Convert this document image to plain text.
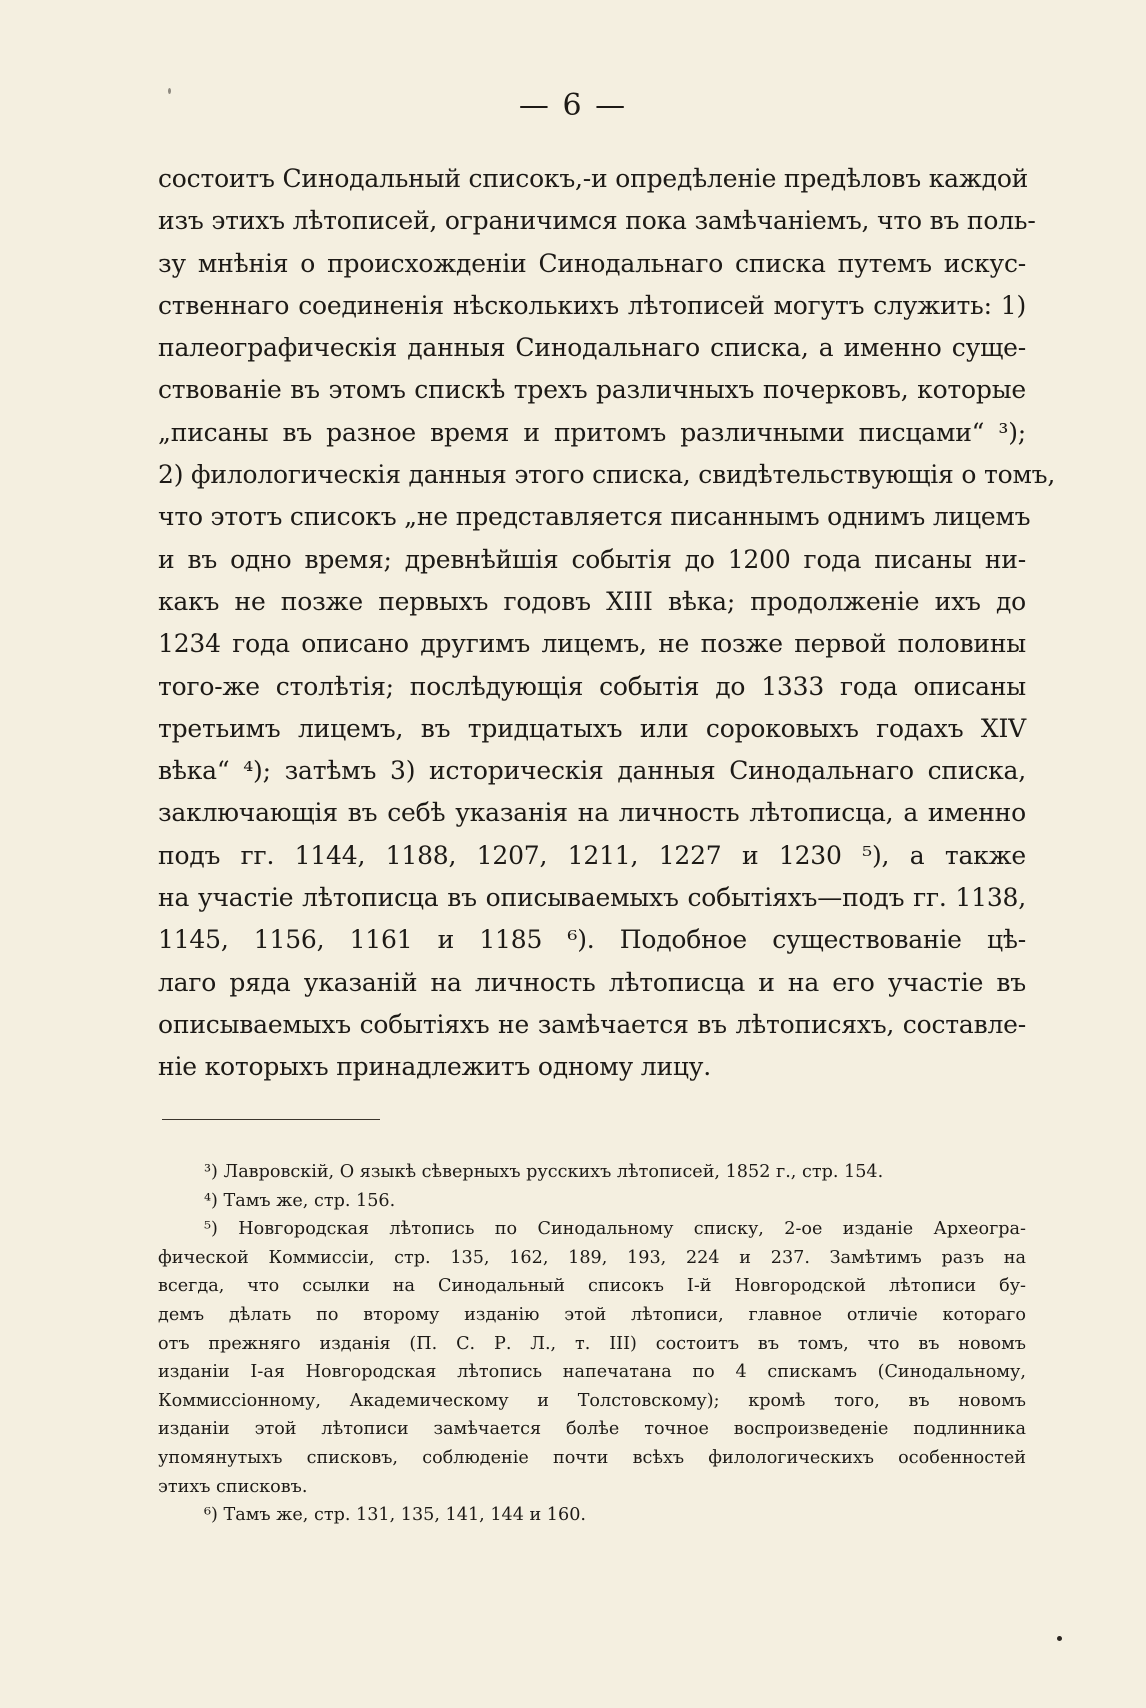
— 6 —
состоитъ Синодальный списокъ,-и опредѣленіе предѣловъ каждой
изъ этихъ лѣтописей, ограничимся пока замѣчаніемъ, что въ поль-
зу мнѣнія о происхожденіи Синодальнаго списка путемъ искус-
ственнаго соединенія нѣсколькихъ лѣтописей могутъ служить: 1)
палеографическія данныя Синодальнаго списка, а именно суще-
ствованіе въ этомъ спискѣ трехъ различныхъ почерковъ, которые
„писаны въ разное время и притомъ различными писцами“ ³);
2) филологическія данныя этого списка, свидѣтельствующія о томъ,
что этотъ списокъ „не представляется писаннымъ однимъ лицемъ
и въ одно время; древнѣйшія событія до 1200 года писаны ни-
какъ не позже первыхъ годовъ XIII вѣка; продолженіе ихъ до
1234 года описано другимъ лицемъ, не позже первой половины
того-же столѣтія; послѣдующія событія до 1333 года описаны
третьимъ лицемъ, въ тридцатыхъ или сороковыхъ годахъ XIV
вѣка“ ⁴); затѣмъ 3) историческія данныя Синодальнаго списка,
заключающія въ себѣ указанія на личность лѣтописца, а именно
подъ гг. 1144, 1188, 1207, 1211, 1227 и 1230 ⁵), а также
на участіе лѣтописца въ описываемыхъ событіяхъ—подъ гг. 1138,
1145, 1156, 1161 и 1185 ⁶). Подобное существованіе цѣ-
лаго ряда указаній на личность лѣтописца и на его участіе въ
описываемыхъ событіяхъ не замѣчается въ лѣтописяхъ, составле-
ніе которыхъ принадлежитъ одному лицу.
³) Лавровскій, О языкѣ сѣверныхъ русскихъ лѣтописей, 1852 г., стр. 154.
⁴) Тамъ же, стр. 156.
⁵) Новгородская лѣтопись по Синодальному списку, 2-ое изданіе Археогра-
фической Коммиссіи, стр. 135, 162, 189, 193, 224 и 237. Замѣтимъ разъ на
всегда, что ссылки на Синодальный списокъ I-й Новгородской лѣтописи бу-
демъ дѣлать по второму изданію этой лѣтописи, главное отличіе котораго
отъ прежняго изданія (П. С. Р. Л., т. III) состоитъ въ томъ, что въ новомъ
изданіи I-ая Новгородская лѣтопись напечатана по 4 спискамъ (Синодальному,
Коммиссіонному, Академическому и Толстовскому); кромѣ того, въ новомъ
изданіи этой лѣтописи замѣчается болѣе точное воспроизведеніе подлинника
упомянутыхъ списковъ, соблюденіе почти всѣхъ филологическихъ особенностей
этихъ списковъ.
⁶) Тамъ же, стр. 131, 135, 141, 144 и 160.
